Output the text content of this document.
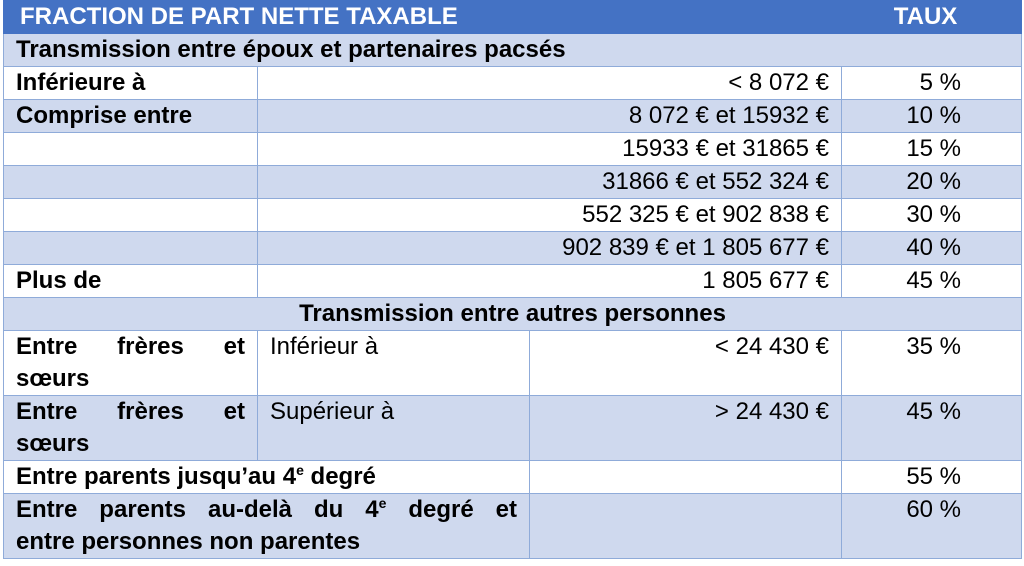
FRACTION DE PART NETTE TAXABLE			TAUX
Transmission entre époux et partenaires pacsés			
Inférieure à	< 8 072 €		5 %
Comprise entre	8 072 € et 15932 €		10 %
	15933 € et 31865 €		15 %
	31866 € et 552 324 €		20 %
	552 325 € et 902 838 €		30 %
	902 839 € et 1 805 677 €		40 %
Plus de	1 805 677 €		45 %
Transmission entre autres personnes			

Entre frères et
sœurs	Inférieur à	< 24 430 €	35 %

Entre frères et
sœurs	Supérieur à	> 24 430 €	45 %
Entre parents jusqu’au 4e degré			55 %

Entre parents au-delà du 4e degré et
entre personnes non parentes			60 %
